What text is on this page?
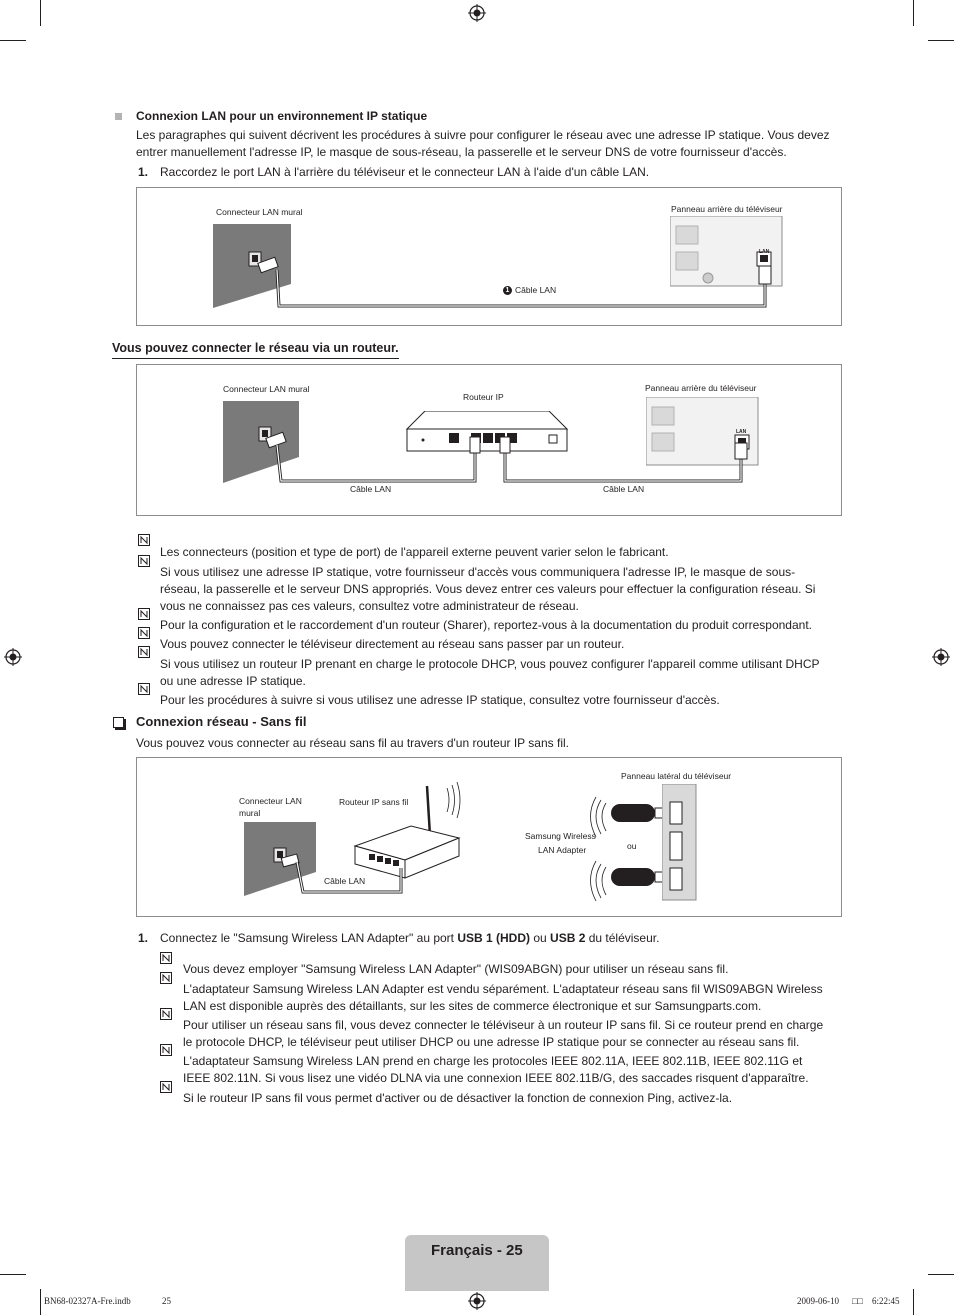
Connexion LAN pour un environnement IP statique

Les paragraphes qui suivent décrivent les procédures à suivre pour configurer le réseau avec une adresse IP statique. Vous devez

entrer manuellement l'adresse IP, le masque de sous-réseau, la passerelle et le serveur DNS de votre fournisseur d'accès.

1. Raccordez le port LAN à l'arrière du téléviseur et le connecteur LAN à l'aide d'un câble LAN.

Connecteur LAN mural	Panneau arrière du téléviseur
LAN
1 Câble LAN

Vous pouvez connecter le réseau via un routeur.

Connecteur LAN mural
Routeur IP
Panneau arrière du téléviseur
LAN
Câble LAN	Câble LAN

Les connecteurs (position et type de port) de l'appareil externe peuvent varier selon le fabricant.

Si vous utilisez une adresse IP statique, votre fournisseur d'accès vous communiquera l'adresse IP, le masque de sous-

réseau, la passerelle et le serveur DNS appropriés. Vous devez entrer ces valeurs pour effectuer la configuration réseau. Si

vous ne connaissez pas ces valeurs, consultez votre administrateur de réseau.

Pour la configuration et le raccordement d'un routeur (Sharer), reportez-vous à la documentation du produit correspondant.

Vous pouvez connecter le téléviseur directement au réseau sans passer par un routeur.

Si vous utilisez un routeur IP prenant en charge le protocole DHCP, vous pouvez configurer l'appareil comme utilisant DHCP

ou une adresse IP statique.

Pour les procédures à suivre si vous utilisez une adresse IP statique, consultez votre fournisseur d'accès.

Connexion réseau - Sans fil

Vous pouvez vous connecter au réseau sans fil au travers d'un routeur IP sans fil.

Connecteur LAN
mural
Routeur IP sans fil
Câble LAN
Samsung Wireless
LAN Adapter	ou
Panneau latéral du téléviseur

1. Connectez le "Samsung Wireless LAN Adapter" au port USB 1 (HDD) ou USB 2 du téléviseur.

Vous devez employer "Samsung Wireless LAN Adapter" (WIS09ABGN) pour utiliser un réseau sans fil.

L'adaptateur Samsung Wireless LAN Adapter est vendu séparément. L'adaptateur réseau sans fil WIS09ABGN Wireless

LAN est disponible auprès des détaillants, sur les sites de commerce électronique et sur Samsungparts.com.

Pour utiliser un réseau sans fil, vous devez connecter le téléviseur à un routeur IP sans fil. Si ce routeur prend en charge

le protocole DHCP, le téléviseur peut utiliser DHCP ou une adresse IP statique pour se connecter au réseau sans fil.

L'adaptateur Samsung Wireless LAN prend en charge les protocoles IEEE 802.11A, IEEE 802.11B, IEEE 802.11G et

IEEE 802.11N. Si vous lisez une vidéo DLNA via une connexion IEEE 802.11B/G, des saccades risquent d'apparaître.

Si le routeur IP sans fil vous permet d'activer ou de désactiver la fonction de connexion Ping, activez-la.

Français - 25

BN68-02327A-Fre.indb	25	2009-06-10 □□ 6:22:45
